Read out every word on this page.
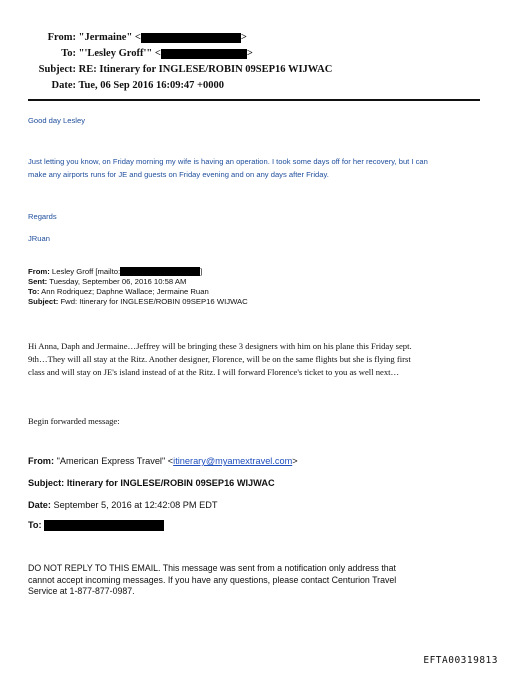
From: "Jermaine" <	>
To: "'Lesley Groff'" <	>
Subject: RE: Itinerary for INGLESE/ROBIN 09SEP16 WIJWAC
Date: Tue, 06 Sep 2016 16:09:47 +0000
Good day Lesley
Just letting you know, on Friday morning my wife is having an operation. I took some days off for her recovery, but I can
make any airports runs for JE and guests on Friday evening and on any days after Friday.
Regards
JRuan
From: Lesley Groff [mailto:	]
Sent: Tuesday, September 06, 2016 10:58 AM
To: Ann Rodriquez; Daphne Wallace; Jermaine Ruan
Subject: Fwd: Itinerary for INGLESE/ROBIN 09SEP16 WIJWAC
Hi Anna, Daph and Jermaine…Jeffrey will be bringing these 3 designers with him on his plane this Friday sept.
9th…They will all stay at the Ritz. Another designer, Florence, will be on the same flights but she is flying first
class and will stay on JE's island instead of at the Ritz. I will forward Florence's ticket to you as well next…
Begin forwarded message:
From: "American Express Travel" <itinerary@myamextravel.com>
Subject: Itinerary for INGLESE/ROBIN 09SEP16 WIJWAC
Date: September 5, 2016 at 12:42:08 PM EDT
To:
DO NOT REPLY TO THIS EMAIL. This message was sent from a notification only address that
cannot accept incoming messages. If you have any questions, please contact Centurion Travel
Service at 1-877-877-0987.
EFTA00319813
